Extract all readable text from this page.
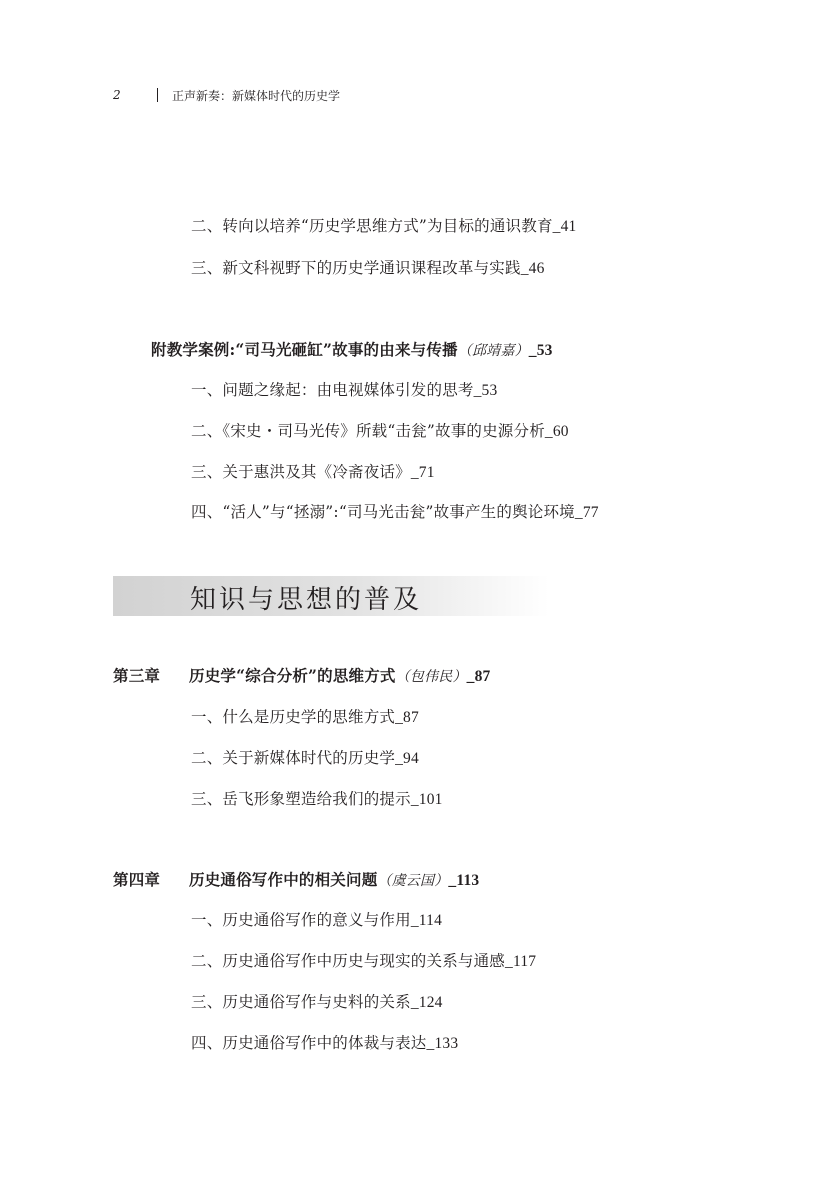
2	正声新奏：新媒体时代的历史学
二、转向以培养“历史学思维方式”为目标的通识教育_41
三、新文科视野下的历史学通识课程改革与实践_46
附教学案例:“司马光砸缸”故事的由来与传播（邱靖嘉）_53
一、问题之缘起：由电视媒体引发的思考_53
二、《宋史・司马光传》所载“击瓮”故事的史源分析_60
三、关于惠洪及其《冷斋夜话》_71
四、“活人”与“拯溺”:“司马光击瓮”故事产生的舆论环境_77
知识与思想的普及
第三章 历史学“综合分析”的思维方式（包伟民）_87
一、什么是历史学的思维方式_87
二、关于新媒体时代的历史学_94
三、岳飞形象塑造给我们的提示_101
第四章 历史通俗写作中的相关问题（虞云国）_113
一、历史通俗写作的意义与作用_114
二、历史通俗写作中历史与现实的关系与通感_117
三、历史通俗写作与史料的关系_124
四、历史通俗写作中的体裁与表达_133
